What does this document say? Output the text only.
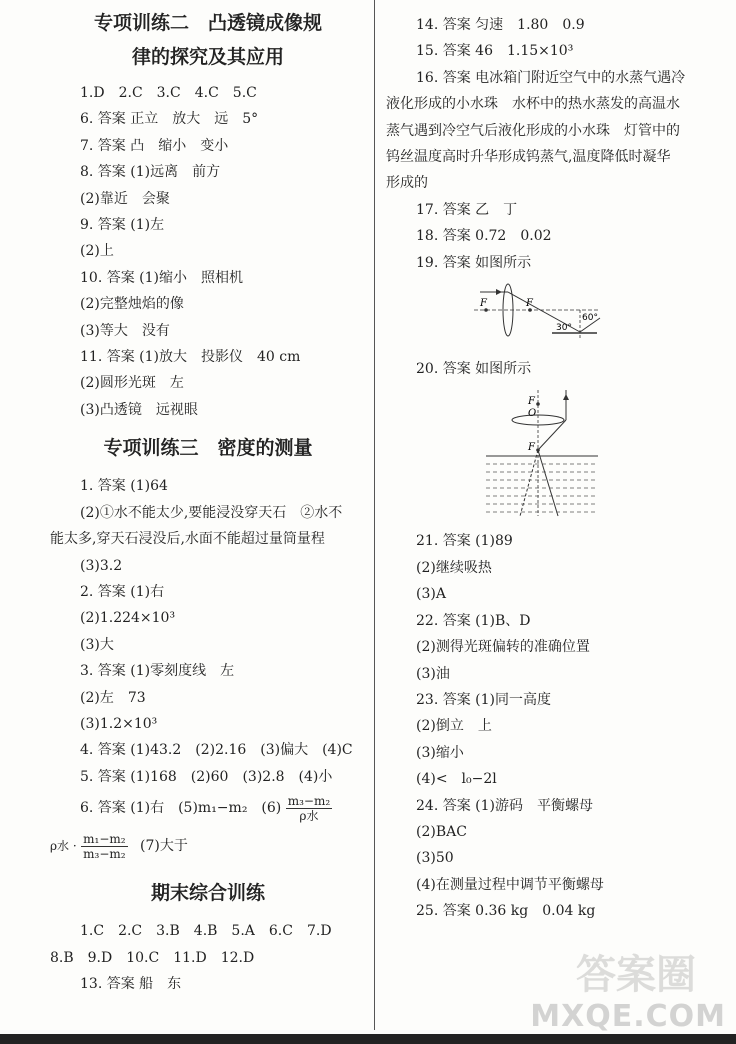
专项训练二　凸透镜成像规
律的探究及其应用
1.D　2.C　3.C　4.C　5.C
6. 答案 正立　放大　远　5°
7. 答案 凸　缩小　变小
8. 答案 (1)远离　前方
(2)靠近　会聚
9. 答案 (1)左
(2)上
10. 答案 (1)缩小　照相机
(2)完整烛焰的像
(3)等大　没有
11. 答案 (1)放大　投影仪　40 cm
(2)圆形光斑　左
(3)凸透镜　远视眼
专项训练三　密度的测量
1. 答案 (1)64
(2)①水不能太少,要能浸没穿天石　②水不
能太多,穿天石浸没后,水面不能超过量筒量程
(3)3.2
2. 答案 (1)右
(2)1.224×10³
(3)大
3. 答案 (1)零刻度线　左
(2)左　73
(3)1.2×10³
4. 答案 (1)43.2　(2)2.16　(3)偏大　(4)C
5. 答案 (1)168　(2)60　(3)2.8　(4)小
6. 答案 (1)右　(5)m₁−m₂　$(6) \frac{\text{m₃−m₂}}{\text{ρ水}}$
ρ水 · $\frac{\text{m₁−m₂}}{\text{m₃−m₂}} (7)$大于
期末综合训练
1.C　2.C　3.B　4.B　5.A　6.C　7.D
8.B　9.D　10.C　11.D　12.D
13. 答案 船　东
14. 答案 匀速　1.80　0.9
15. 答案 46　1.15×10³
16. 答案 电冰箱门附近空气中的水蒸气遇冷
液化形成的小水珠　水杯中的热水蒸发的高温水
蒸气遇到冷空气后液化形成的小水珠　灯管中的
钨丝温度高时升华形成钨蒸气,温度降低时凝华
形成的
17. 答案 乙　丁
18. 答案 0.72　0.02
19. 答案 如图所示
F	F
30°
60°
20. 答案 如图所示
F
O
F
21. 答案 (1)89
(2)继续吸热
(3)A
22. 答案 (1)B、D
(2)测得光斑偏转的准确位置
(3)油
23. 答案 (1)同一高度
(2)倒立　上
(3)缩小
(4)<　l₀−2l
24. 答案 (1)游码　平衡螺母
(2)BAC
(3)50
(4)在测量过程中调节平衡螺母
25. 答案 0.36 kg　0.04 kg
答案圈
MXQE.COM
